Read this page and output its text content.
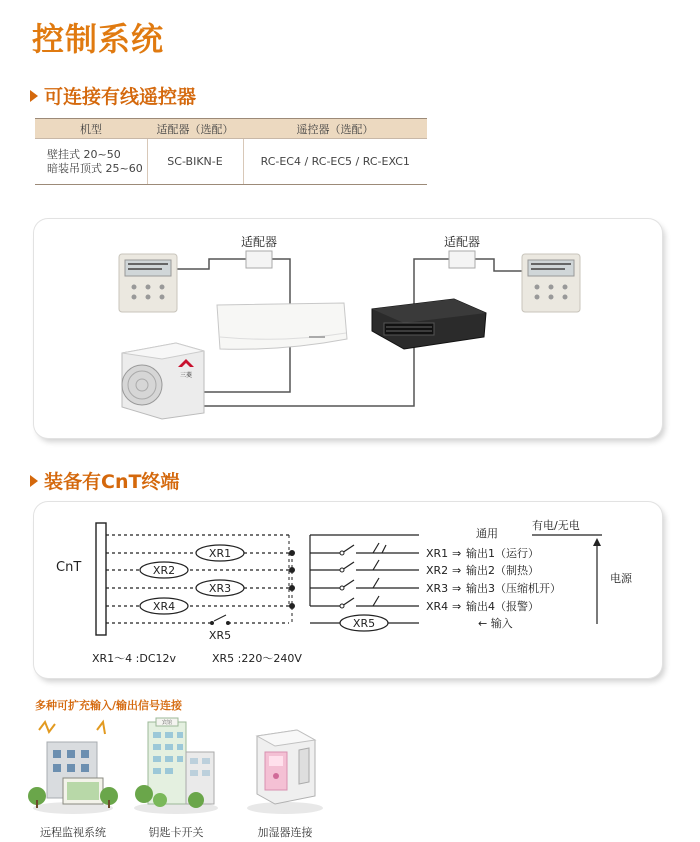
控制系统
可连接有线遥控器
机型	适配器（选配）	遥控器（选配）

壁挂式 20~50
暗装吊顶式 25~60	SC-BIKN-E	RC-EC4 / RC-EC5 / RC-EXC1
三菱
适配器	适配器
装备有CnT终端
CnT
XR1
XR2
XR3
XR4
XR5
XR1～4 :DC12v	XR5 :220～240V
XR5
通用
XR1 ⇒ 输出1（运行）
XR2 ⇒ 输出2（制热）
XR3 ⇒ 输出3（压缩机开）
XR4 ⇒ 输出4（报警）
← 输入
有电/无电
电源
多种可扩充输入/输出信号连接
远程监视系统
宾馆
钥匙卡开关	加湿器连接
